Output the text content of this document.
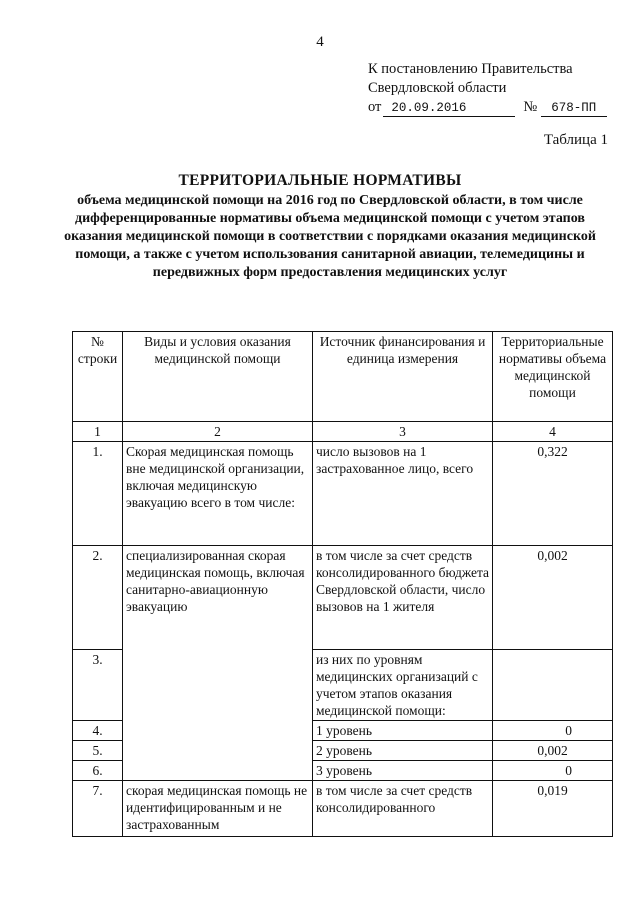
4
К постановлению Правительства
Свердловской области
от 20.09.2016	№	678-ПП
Таблица 1
ТЕРРИТОРИАЛЬНЫЕ НОРМАТИВЫ
объема медицинской помощи на 2016 год по Свердловской области, в том числе дифференцированные нормативы объема медицинской помощи с учетом этапов оказания медицинской помощи в соответствии с порядками оказания медицинской помощи, а также с учетом использования санитарной авиации, телемедицины и передвижных форм предоставления медицинских услуг
№ строки	Виды и условия оказания медицинской помощи	Источник финансирования и единица измерения	Территориальные нормативы объема медицинской помощи
1	2	3	4
1.	Скорая медицинская помощь вне медицинской организации, включая медицинскую эвакуацию всего в том числе:	число вызовов на 1 застрахованное лицо, всего	0,322
2.	специализированная скорая медицинская помощь, включая санитарно-авиационную эвакуацию	в том числе за счет средств консолидированного бюджета Свердловской области, число вызовов на 1 жителя	0,002
3.		из них по уровням медицинских организаций с учетом этапов оказания медицинской помощи:	
4.		1 уровень	0
5.		2 уровень	0,002
6.		3 уровень	0
7.	скорая медицинская помощь не идентифицированным и не застрахованным	в том числе за счет средств консолидированного	0,019
